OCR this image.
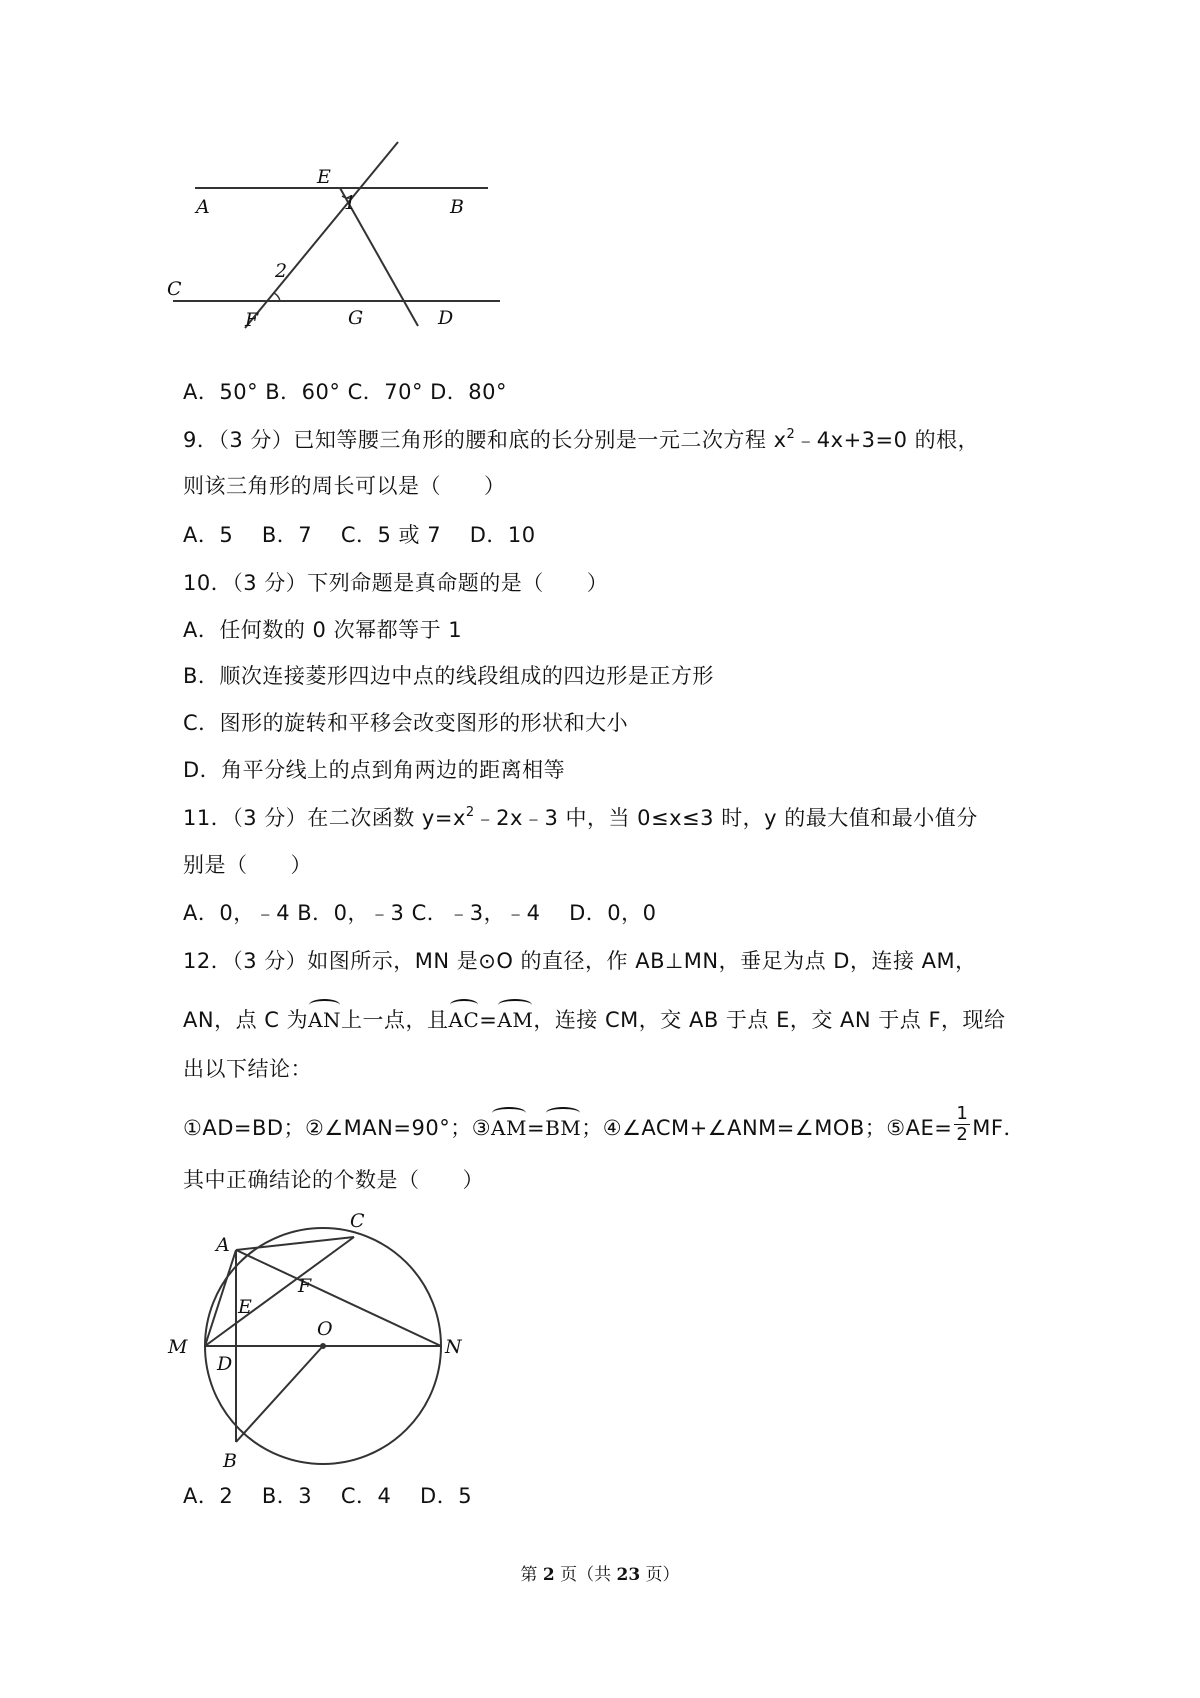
A	B
E
1
2
C
F	G	D
A．50° B．60° C．70° D．80°
9．（3 分）已知等腰三角形的腰和底的长分别是一元二次方程 $x^2﹣4x+3=0$ 的根，
则该三角形的周长可以是（　　）
A．5　 B．7　 C．5 或 7　 D．10
10．（3 分）下列命题是真命题的是（　　）
A．任何数的 0 次幂都等于 1
B．顺次连接菱形四边中点的线段组成的四边形是正方形
C．图形的旋转和平移会改变图形的形状和大小
D．角平分线上的点到角两边的距离相等
11．（3 分）在二次函数 $y=x^2﹣2x﹣3$ 中，当 0≤x≤3 时，y 的最大值和最小值分
别是（　　）
A．0，﹣4 B．0，﹣3 C．﹣3，﹣4　 D．0，0
12．（3 分）如图所示，MN 是⊙O 的直径，作 AB⊥MN，垂足为点 D，连接 AM，
AN，点 C 为AN上一点，且AC=AM，连接 CM，交 AB 于点 E，交 AN 于点 F，现给
出以下结论：
①AD=BD；②∠MAN=90°；③AM=BM；④∠ACM+∠ANM=∠MOB；⑤AE= $\frac{1}{2}$ MF．
其中正确结论的个数是（　　）
A
C
F
E
M
O
N
D
B
A．2　 B．3　 C．4　 D．5
第 2 页（共 23 页）
